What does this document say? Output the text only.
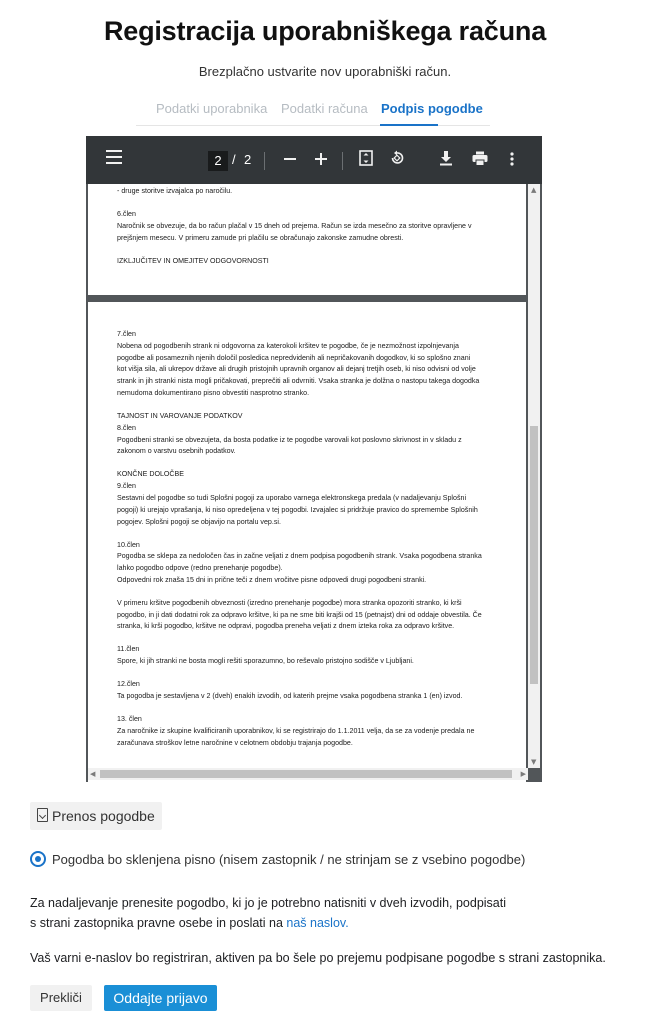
Registracija uporabniškega računa
Brezplačno ustvarite nov uporabniški račun.
Podatki uporabnika Podatki računa Podpis pogodbe
2 / 2

- druge storitve izvajalca po naročilu.

6.člen
Naročnik se obvezuje, da bo račun plačal v 15 dneh od prejema. Račun se izda mesečno za storitve opravljene v
prejšnjem mesecu. V primeru zamude pri plačilu se obračunajo zakonske zamudne obresti.

IZKLJUČITEV IN OMEJITEV ODGOVORNOSTI

7.člen
Nobena od pogodbenih strank ni odgovorna za katerokoli kršitev te pogodbe, če je nezmožnost izpolnjevanja
pogodbe ali posameznih njenih določil posledica nepredvidenih ali nepričakovanih dogodkov, ki so splošno znani
kot višja sila, ali ukrepov države ali drugih pristojnih upravnih organov ali dejanj tretjih oseb, ki niso odvisni od volje
strank in jih stranki nista mogli pričakovati, preprečiti ali odvrniti. Vsaka stranka je dolžna o nastopu takega dogodka
nemudoma dokumentirano pisno obvestiti nasprotno stranko.

TAJNOST IN VAROVANJE PODATKOV
8.člen
Pogodbeni stranki se obvezujeta, da bosta podatke iz te pogodbe varovali kot poslovno skrivnost in v skladu z
zakonom o varstvu osebnih podatkov.

KONČNE DOLOČBE
9.člen
Sestavni del pogodbe so tudi Splošni pogoji za uporabo varnega elektronskega predala (v nadaljevanju Splošni
pogoji) ki urejajo vprašanja, ki niso opredeljena v tej pogodbi. Izvajalec si pridržuje pravico do spremembe Splošnih
pogojev. Splošni pogoji se objavijo na portalu vep.si.

10.člen
Pogodba se sklepa za nedoločen čas in začne veljati z dnem podpisa pogodbenih strank. Vsaka pogodbena stranka
lahko pogodbo odpove (redno prenehanje pogodbe).
Odpovedni rok znaša 15 dni in prične teči z dnem vročitve pisne odpovedi drugi pogodbeni stranki.

V primeru kršitve pogodbenih obveznosti (izredno prenehanje pogodbe) mora stranka opozoriti stranko, ki krši
pogodbo, in ji dati dodatni rok za odpravo kršitve, ki pa ne sme biti krajši od 15 (petnajst) dni od oddaje obvestila. Če
stranka, ki krši pogodbo, kršitve ne odpravi, pogodba preneha veljati z dnem izteka roka za odpravo kršitve.

11.člen
Spore, ki jih stranki ne bosta mogli rešiti sporazumno, bo reševalo pristojno sodišče v Ljubljani.

12.člen
Ta pogodba je sestavljena v 2 (dveh) enakih izvodih, od katerih prejme vsaka pogodbena stranka 1 (en) izvod.

13. člen
Za naročnike iz skupine kvalificiranih uporabnikov, ki se registrirajo do 1.1.2011 velja, da se za vodenje predala ne
zaračunava stroškov letne naročnine v celotnem obdobju trajanja pogodbe.

▲
▼
◀	▶
Prenos pogodbe
Pogodba bo sklenjena pisno (nisem zastopnik / ne strinjam se z vsebino pogodbe)
Za nadaljevanje prenesite pogodbo, ki jo je potrebno natisniti v dveh izvodih, podpisati
s strani zastopnika pravne osebe in poslati na naš naslov.
Vaš varni e-naslov bo registriran, aktiven pa bo šele po prejemu podpisane pogodbe s strani zastopnika.
Prekliči	Oddajte prijavo
